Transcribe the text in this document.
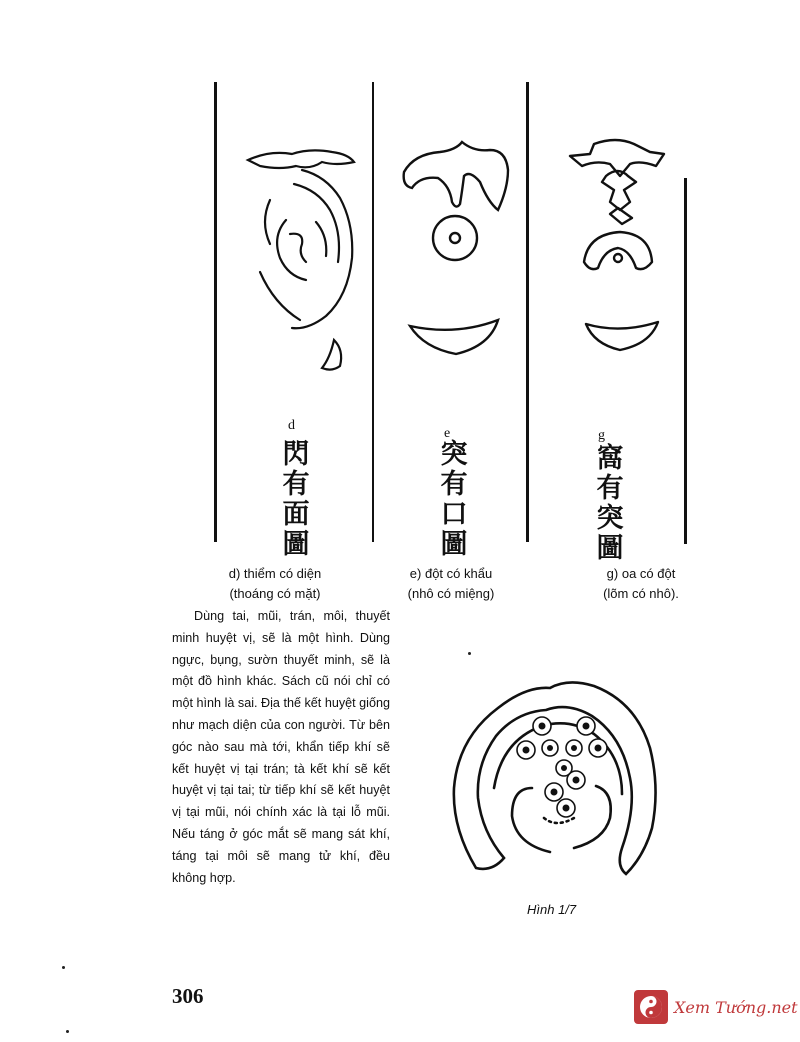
d
閃有面圖
e
突有口圖
g
窩有突圖
d) thiểm có diện
(thoáng có mặt)
e) đột có khẩu
(nhô có miệng)
g) oa có đột
(lõm có nhô).

Dùng tai, mũi, trán, môi, thuyết minh huyệt vị, sẽ là một hình. Dùng ngực, bụng, sườn thuyết minh, sẽ là một đồ hình khác. Sách cũ nói chỉ có một hình là sai. Địa thế kết huyệt giống như mạch diện của con người. Từ bên góc nào sau mà tới, khẩn tiếp khí sẽ kết huyệt vị tại trán; tà kết khí sẽ kết huyệt vị tại tai; từ tiếp khí sẽ kết huyệt vị tại mũi, nói chính xác là tại lỗ mũi. Nếu táng ở góc mắt sẽ mang sát khí, táng tại môi sẽ mang tử khí, đều không hợp.

Hình 1/7
306	Xem Tướng.net
